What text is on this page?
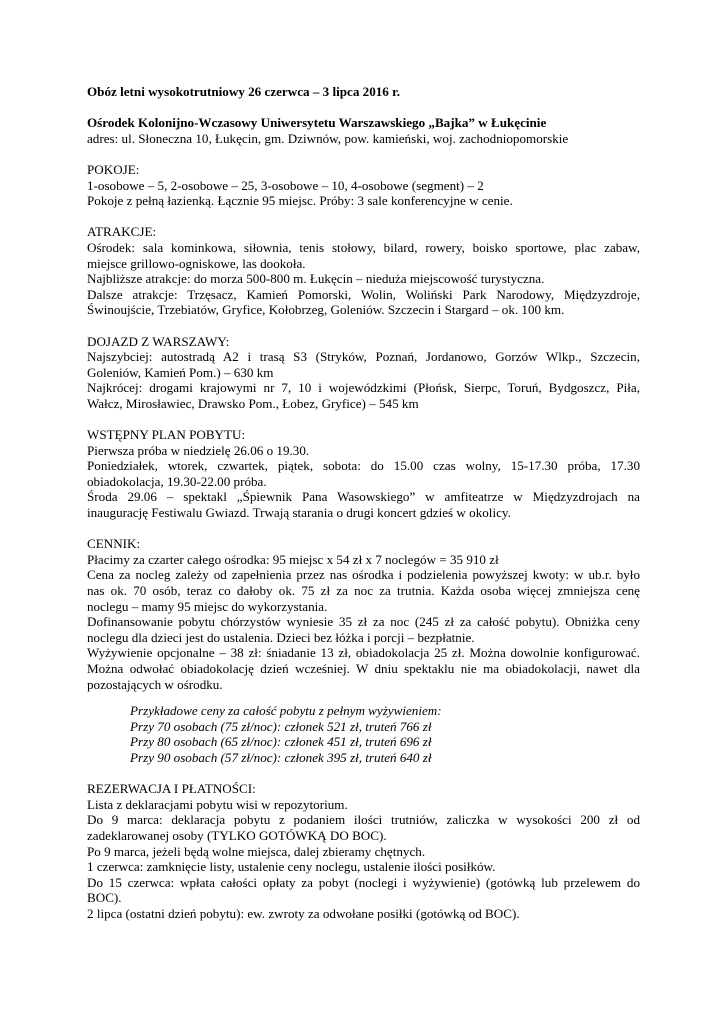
Obóz letni wysokotrutniowy 26 czerwca – 3 lipca 2016 r.
Ośrodek Kolonijno-Wczasowy Uniwersytetu Warszawskiego „Bajka” w Łukęcinie
adres: ul. Słoneczna 10, Łukęcin, gm. Dziwnów, pow. kamieński, woj. zachodniopomorskie
POKOJE:
1-osobowe – 5, 2-osobowe – 25, 3-osobowe – 10, 4-osobowe (segment) – 2
Pokoje z pełną łazienką. Łącznie 95 miejsc. Próby: 3 sale konferencyjne w cenie.
ATRAKCJE:
Ośrodek: sala kominkowa, siłownia, tenis stołowy, bilard, rowery, boisko sportowe, plac zabaw,
miejsce grillowo-ogniskowe, las dookoła.
Najbliższe atrakcje: do morza 500-800 m. Łukęcin – nieduża miejscowość turystyczna.
Dalsze atrakcje: Trzęsacz, Kamień Pomorski, Wolin, Woliński Park Narodowy, Międzyzdroje,
Świnoujście, Trzebiatów, Gryfice, Kołobrzeg, Goleniów. Szczecin i Stargard – ok. 100 km.
DOJAZD Z WARSZAWY:
Najszybciej: autostradą A2 i trasą S3 (Stryków, Poznań, Jordanowo, Gorzów Wlkp., Szczecin,
Goleniów, Kamień Pom.) – 630 km
Najkrócej: drogami krajowymi nr 7, 10 i wojewódzkimi (Płońsk, Sierpc, Toruń, Bydgoszcz, Piła,
Wałcz, Mirosławiec, Drawsko Pom., Łobez, Gryfice) – 545 km
WSTĘPNY PLAN POBYTU:
Pierwsza próba w niedzielę 26.06 o 19.30.
Poniedziałek, wtorek, czwartek, piątek, sobota: do 15.00 czas wolny, 15-17.30 próba, 17.30
obiadokolacja, 19.30-22.00 próba.
Środa 29.06 – spektakl „Śpiewnik Pana Wasowskiego” w amfiteatrze w Międzyzdrojach na
inaugurację Festiwalu Gwiazd. Trwają starania o drugi koncert gdzieś w okolicy.
CENNIK:
Płacimy za czarter całego ośrodka: 95 miejsc x 54 zł x 7 noclegów = 35 910 zł
Cena za nocleg zależy od zapełnienia przez nas ośrodka i podzielenia powyższej kwoty: w ub.r. było
nas ok. 70 osób, teraz co dałoby ok. 75 zł za noc za trutnia. Każda osoba więcej zmniejsza cenę
noclegu – mamy 95 miejsc do wykorzystania.
Dofinansowanie pobytu chórzystów wyniesie 35 zł za noc (245 zł za całość pobytu). Obniżka ceny
noclegu dla dzieci jest do ustalenia. Dzieci bez łóżka i porcji – bezpłatnie.
Wyżywienie opcjonalne – 38 zł: śniadanie 13 zł, obiadokolacja 25 zł. Można dowolnie konfigurować.
Można odwołać obiadokolację dzień wcześniej. W dniu spektaklu nie ma obiadokolacji, nawet dla
pozostających w ośrodku.
Przykładowe ceny za całość pobytu z pełnym wyżywieniem:
Przy 70 osobach (75 zł/noc): członek 521 zł, truteń 766 zł
Przy 80 osobach (65 zł/noc): członek 451 zł, truteń 696 zł
Przy 90 osobach (57 zł/noc): członek 395 zł, truteń 640 zł
REZERWACJA I PŁATNOŚCI:
Lista z deklaracjami pobytu wisi w repozytorium.
Do 9 marca: deklaracja pobytu z podaniem ilości trutniów, zaliczka w wysokości 200 zł od
zadeklarowanej osoby (TYLKO GOTÓWKĄ DO BOC).
Po 9 marca, jeżeli będą wolne miejsca, dalej zbieramy chętnych.
1 czerwca: zamknięcie listy, ustalenie ceny noclegu, ustalenie ilości posiłków.
Do 15 czerwca: wpłata całości opłaty za pobyt (noclegi i wyżywienie) (gotówką lub przelewem do
BOC).
2 lipca (ostatni dzień pobytu): ew. zwroty za odwołane posiłki (gotówką od BOC).
